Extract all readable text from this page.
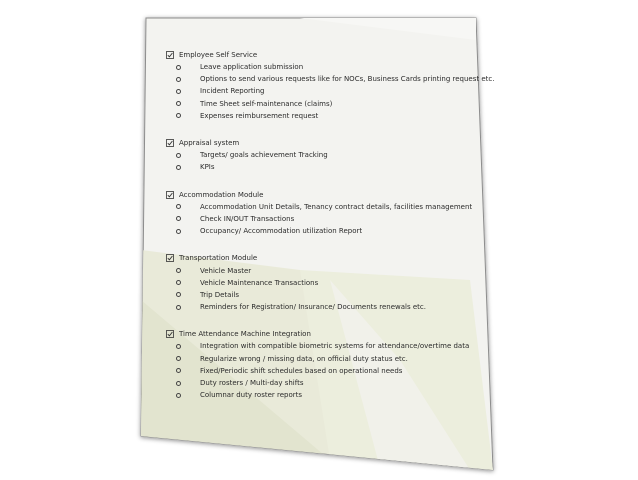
Employee Self Service
Leave application submission
Options to send various requests like for NOCs, Business Cards printing request etc.
Incident Reporting
Time Sheet self-maintenance (claims)
Expenses reimbursement request
Appraisal system
Targets/ goals achievement Tracking
KPIs
Accommodation Module
Accommodation Unit Details, Tenancy contract details, facilities management
Check IN/OUT Transactions
Occupancy/ Accommodation utilization Report
Transportation Module
Vehicle Master
Vehicle Maintenance Transactions
Trip Details
Reminders for Registration/ Insurance/ Documents renewals etc.
Time Attendance Machine Integration
Integration with compatible biometric systems for attendance/overtime data
Regularize wrong / missing data, on official duty status etc.
Fixed/Periodic shift schedules based on operational needs
Duty rosters / Multi-day shifts
Columnar duty roster reports
